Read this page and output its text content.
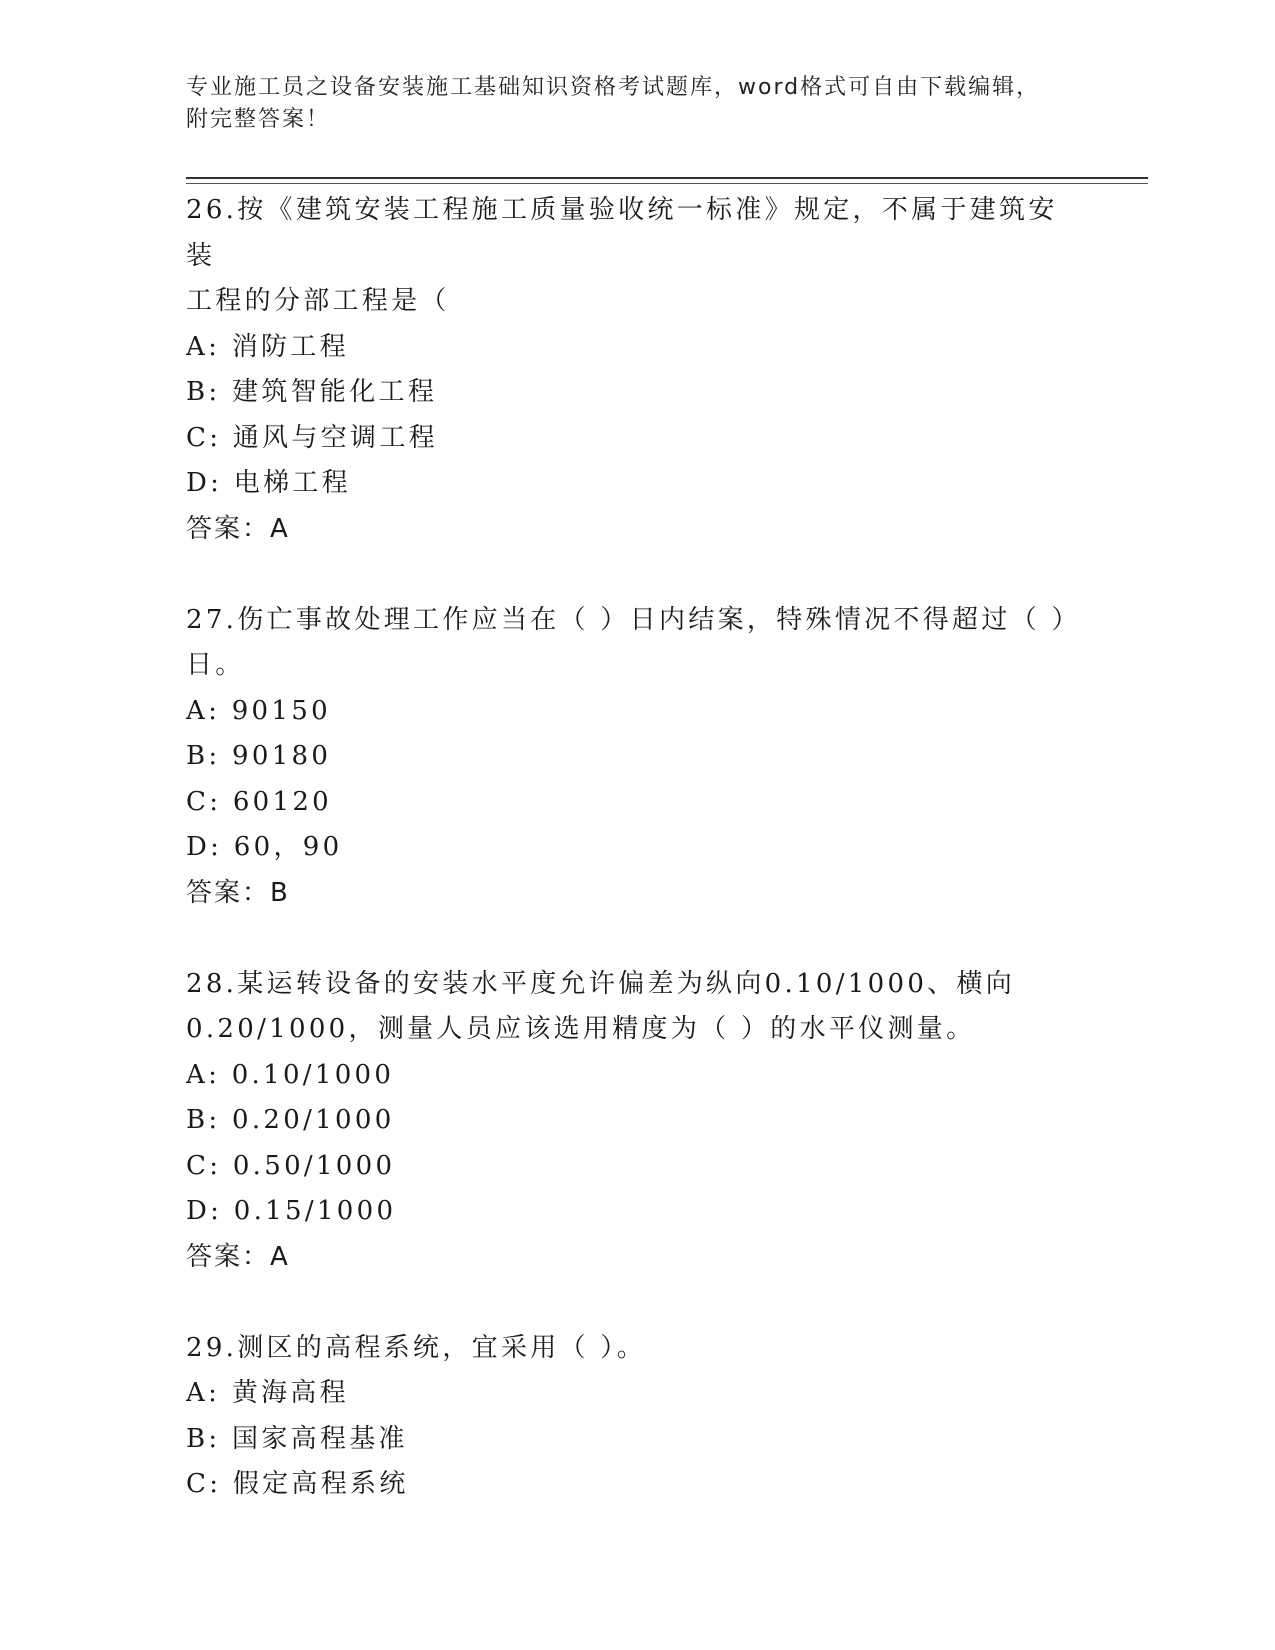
专业施工员之设备安装施工基础知识资格考试题库，word格式可自由下载编辑，
附完整答案！

26.按《建筑安装工程施工质量验收统一标准》规定，不属于建筑安装

工程的分部工程是（

A: 消防工程

B: 建筑智能化工程

C: 通风与空调工程

D: 电梯工程

答案：A

27.伤亡事故处理工作应当在（ ）日内结案，特殊情况不得超过（ ）

日。

A: 90150

B: 90180

C: 60120

D: 60，90

答案：B

28.某运转设备的安装水平度允许偏差为纵向0.10/1000、横向

0.20/1000，测量人员应该选用精度为（ ）的水平仪测量。

A: 0.10/1000

B: 0.20/1000

C: 0.50/1000

D: 0.15/1000

答案：A

29.测区的高程系统，宜采用（ ）。

A: 黄海高程

B: 国家高程基准

C: 假定高程系统
